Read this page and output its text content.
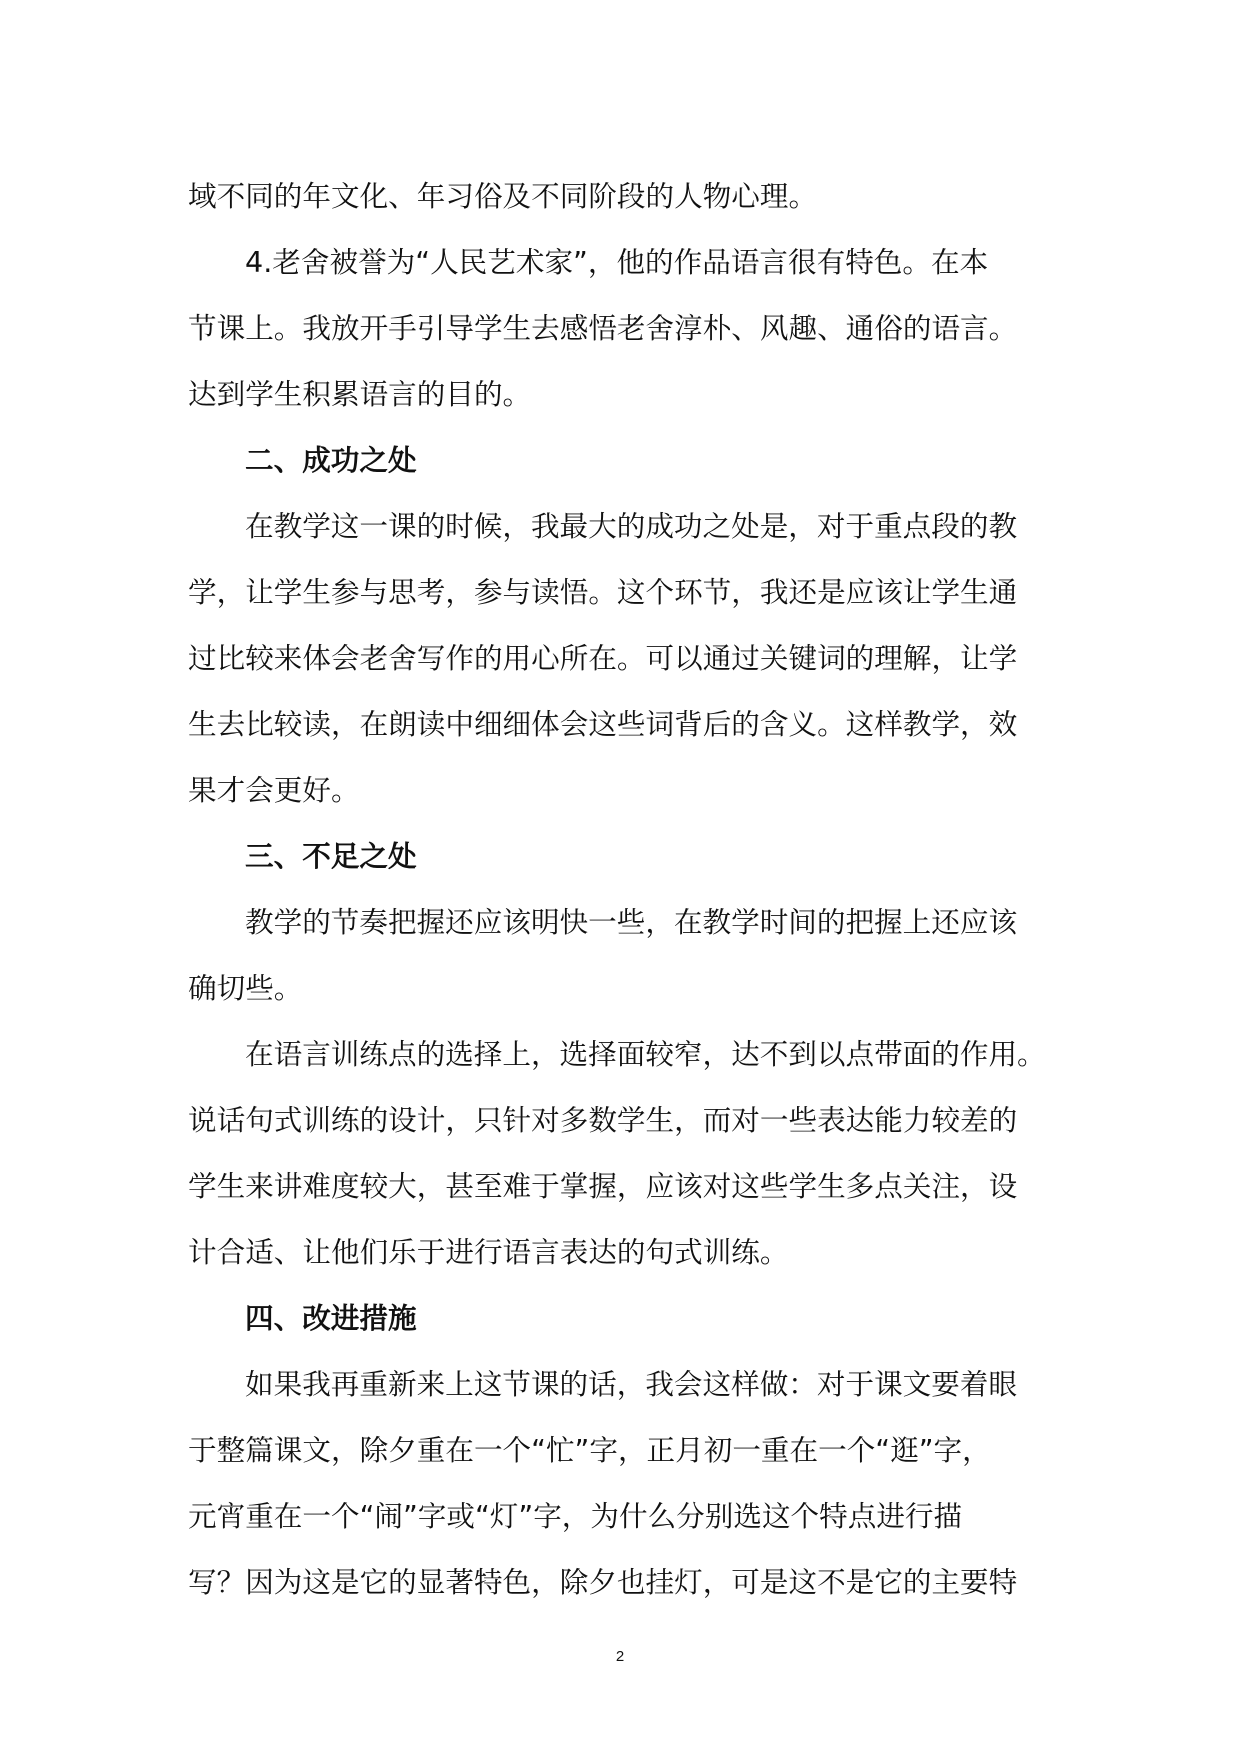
域不同的年文化、年习俗及不同阶段的人物心理。
4.老舍被誉为“人民艺术家”，他的作品语言很有特色。在本
节课上。我放开手引导学生去感悟老舍淳朴、风趣、通俗的语言。
达到学生积累语言的目的。
二、成功之处
在教学这一课的时候，我最大的成功之处是，对于重点段的教
学，让学生参与思考，参与读悟。这个环节，我还是应该让学生通
过比较来体会老舍写作的用心所在。可以通过关键词的理解，让学
生去比较读，在朗读中细细体会这些词背后的含义。这样教学，效
果才会更好。
三、不足之处
教学的节奏把握还应该明快一些，在教学时间的把握上还应该
确切些。
在语言训练点的选择上，选择面较窄，达不到以点带面的作用。
说话句式训练的设计，只针对多数学生，而对一些表达能力较差的
学生来讲难度较大，甚至难于掌握，应该对这些学生多点关注，设
计合适、让他们乐于进行语言表达的句式训练。
四、改进措施
如果我再重新来上这节课的话，我会这样做：对于课文要着眼
于整篇课文，除夕重在一个“忙”字，正月初一重在一个“逛”字，
元宵重在一个“闹”字或“灯”字，为什么分别选这个特点进行描
写？因为这是它的显著特色，除夕也挂灯，可是这不是它的主要特
2
